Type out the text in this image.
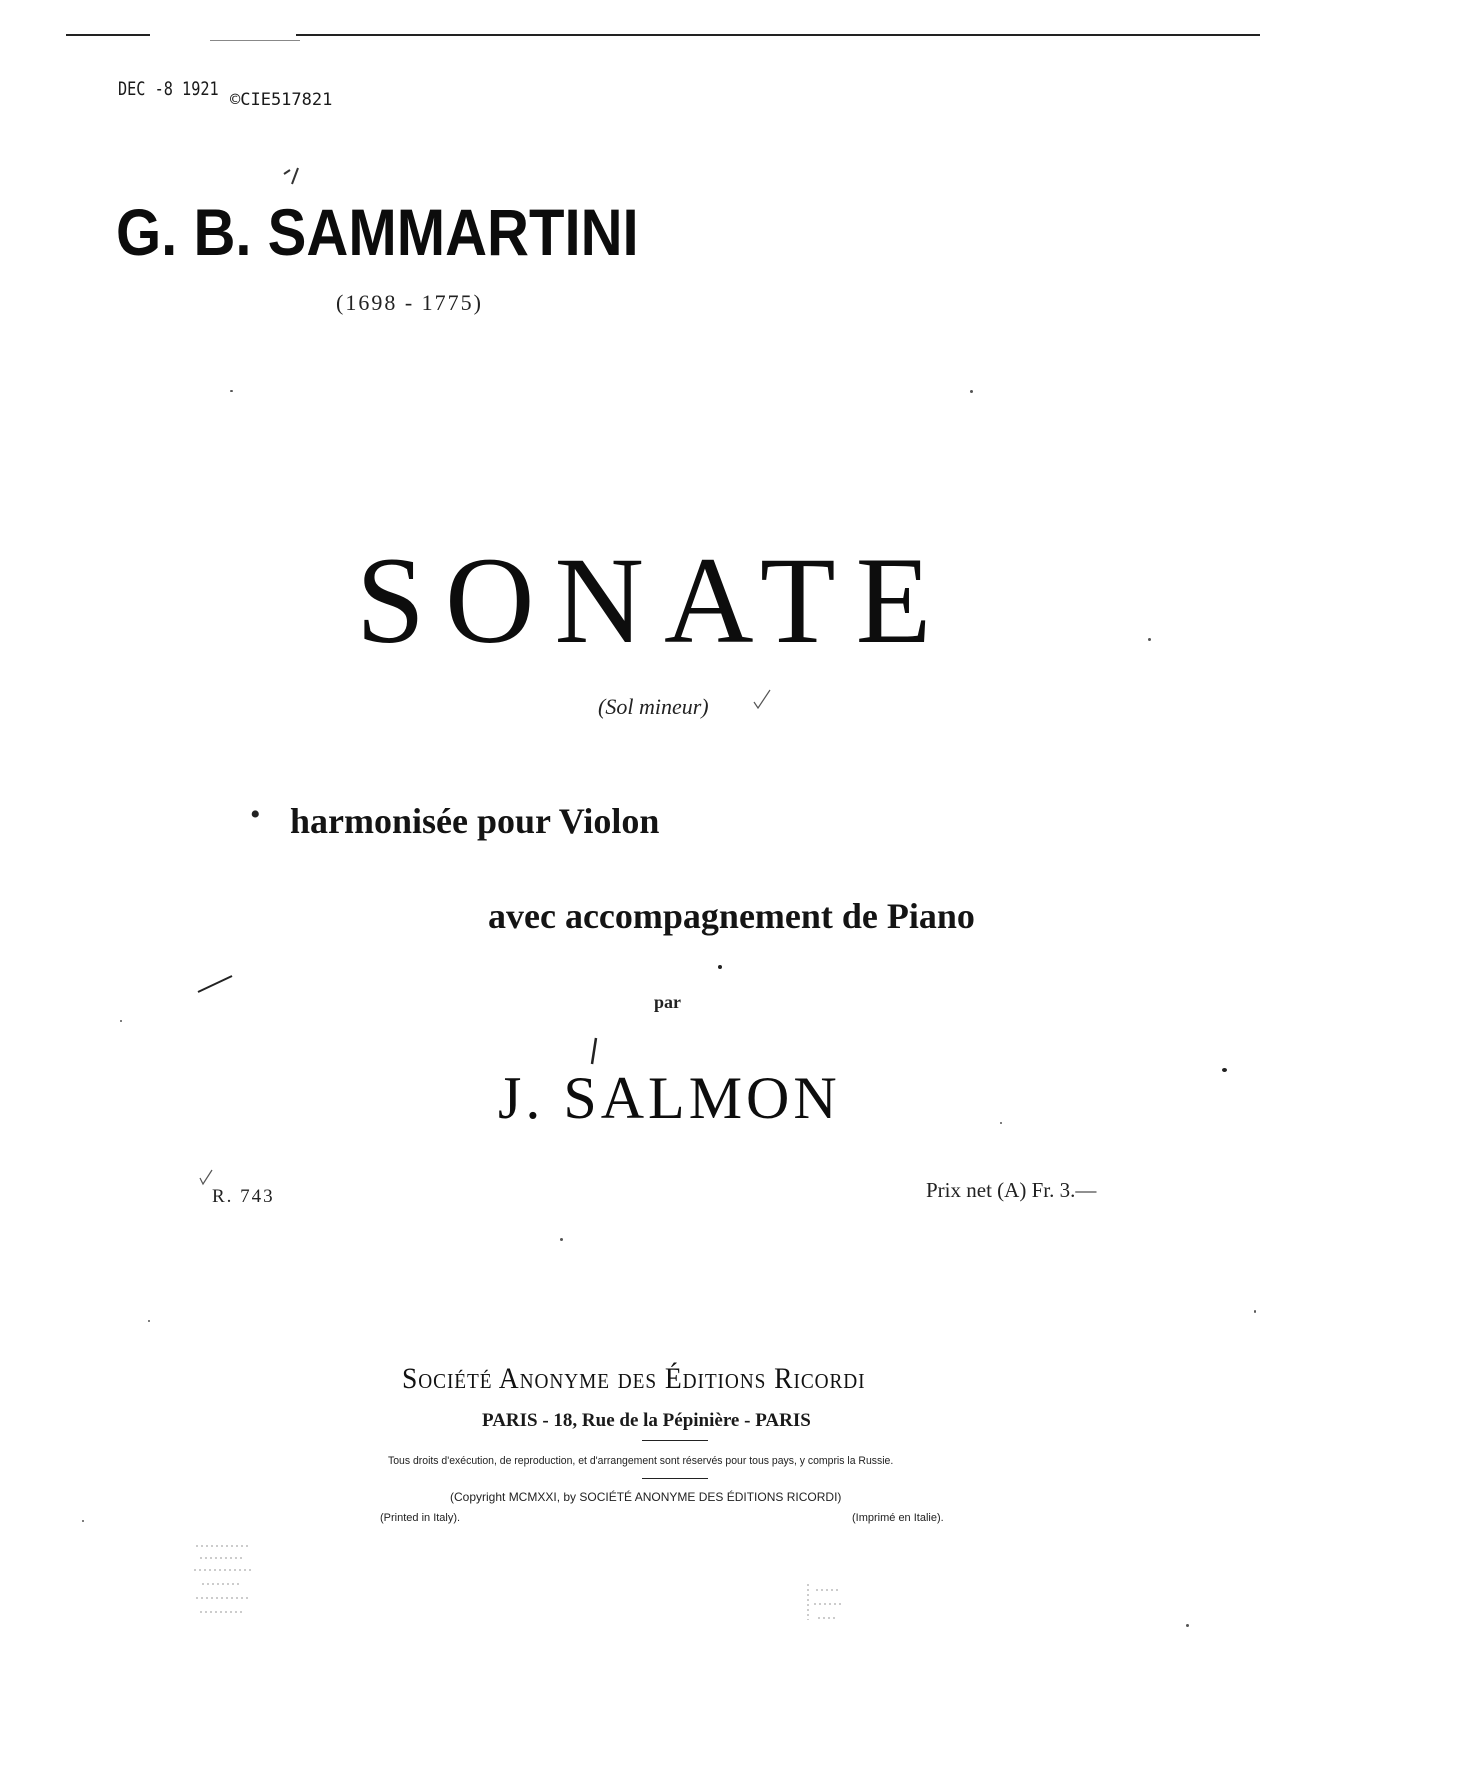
DEC -8 1921 ©CIE517821
G. B. SAMMARTINI
(1698 - 1775)
SONATE
(Sol mineur)
• harmonisée pour Violon
avec accompagnement de Piano
par
J. SALMON
R. 743	Prix net (A) Fr. 3.—
Société Anonyme des Éditions Ricordi
PARIS - 18, Rue de la Pépinière - PARIS
Tous droits d'exécution, de reproduction, et d'arrangement sont réservés pour tous pays, y compris la Russie.
(Copyright MCMXXI, by SOCIÉTÉ ANONYME DES ÉDITIONS RICORDI)
(Printed in Italy).	(Imprimé en Italie).
